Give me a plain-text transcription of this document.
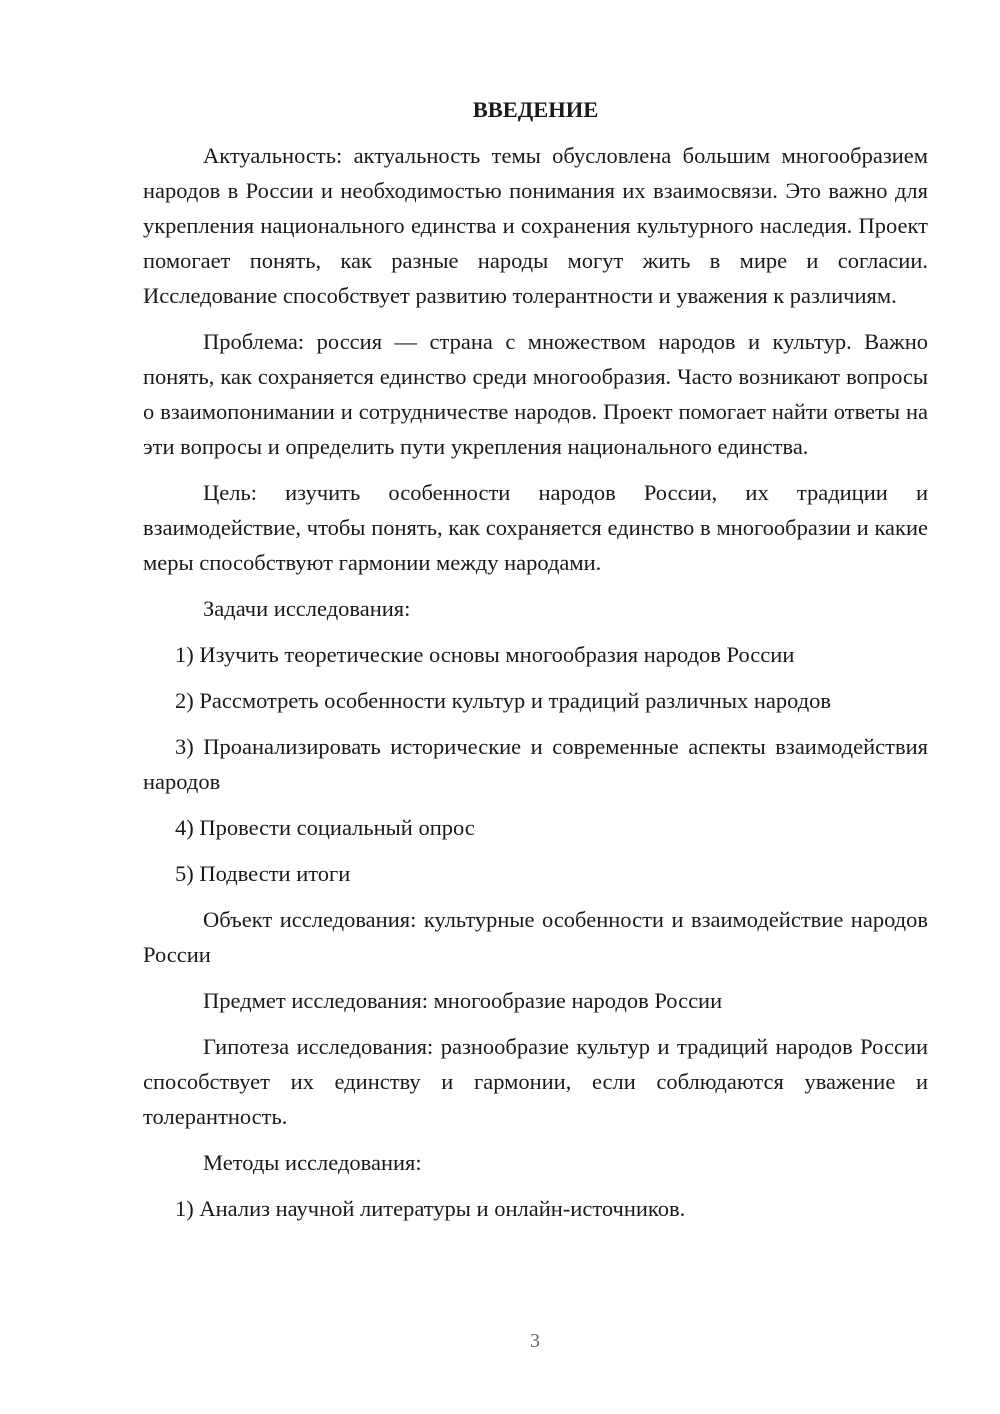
ВВЕДЕНИЕ

Актуальность: актуальность темы обусловлена большим многообразием народов в России и необходимостью понимания их взаимосвязи. Это важно для укрепления национального единства и сохранения культурного наследия. Проект помогает понять, как разные народы могут жить в мире и согласии. Исследование способствует развитию толерантности и уважения к различиям.

Проблема: россия — страна с множеством народов и культур. Важно понять, как сохраняется единство среди многообразия. Часто возникают вопросы о взаимопонимании и сотрудничестве народов. Проект помогает найти ответы на эти вопросы и определить пути укрепления национального единства.

Цель: изучить особенности народов России, их традиции и взаимодействие, чтобы понять, как сохраняется единство в многообразии и какие меры способствуют гармонии между народами.

Задачи исследования:

1) Изучить теоретические основы многообразия народов России

2) Рассмотреть особенности культур и традиций различных народов

3) Проанализировать исторические и современные аспекты взаимодействия народов

4) Провести социальный опрос

5) Подвести итоги

Объект исследования: культурные особенности и взаимодействие народов России

Предмет исследования: многообразие народов России

Гипотеза исследования: разнообразие культур и традиций народов России способствует их единству и гармонии, если соблюдаются уважение и толерантность.

Методы исследования:

1) Анализ научной литературы и онлайн-источников.

3
